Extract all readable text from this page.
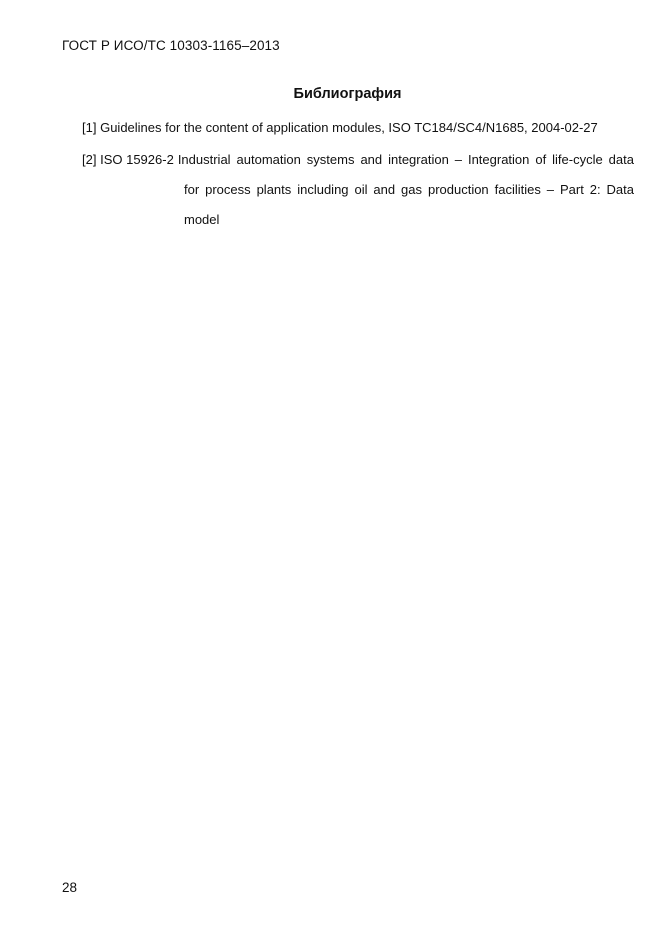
ГОСТ Р ИСО/ТС 10303-1165–2013
Библиография
[1] Guidelines for the content of application modules, ISO TC184/SC4/N1685, 2004-02-27
[2] ISO 15926-2 Industrial automation systems and integration – Integration of life-cycle data
for process plants including oil and gas production facilities – Part 2: Data model
28
